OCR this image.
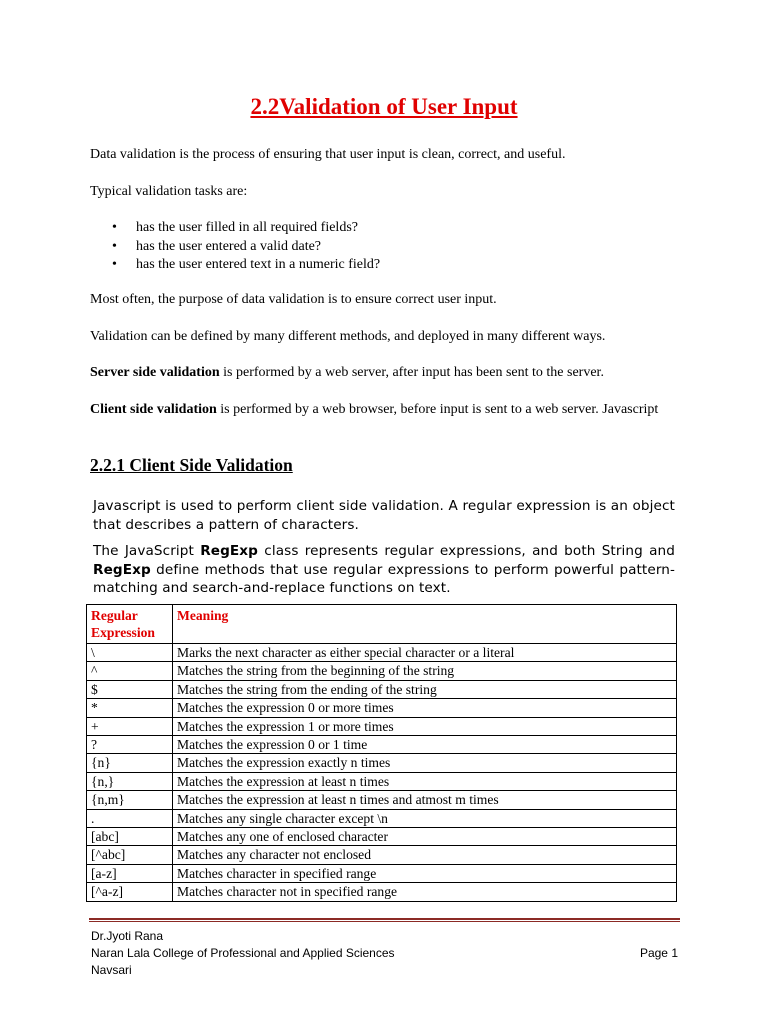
2.2Validation of User Input
Data validation is the process of ensuring that user input is clean, correct, and useful.
Typical validation tasks are:
• has the user filled in all required fields?
• has the user entered a valid date?
• has the user entered text in a numeric field?
Most often, the purpose of data validation is to ensure correct user input.
Validation can be defined by many different methods, and deployed in many different ways.
Server side validation is performed by a web server, after input has been sent to the server.
Client side validation is performed by a web browser, before input is sent to a web server. Javascript
2.2.1 Client Side Validation
Javascript is used to perform client side validation. A regular expression is an object that describes a pattern of characters.
The JavaScript RegExp class represents regular expressions, and both String and RegExp define methods that use regular expressions to perform powerful pattern-matching and search-and-replace functions on text.
Regular Expression	Meaning
\	Marks the next character as either special character or a literal
^	Matches the string from the beginning of the string
$	Matches the string from the ending of the string
*	Matches the expression 0 or more times
+	Matches the expression 1 or more times
?	Matches the expression 0 or 1 time
{n}	Matches the expression exactly n times
{n,}	Matches the expression at least n times
{n,m}	Matches the expression at least n times and atmost m times
.	Matches any single character except \n
[abc]	Matches any one of enclosed character
[^abc]	Matches any character not enclosed
[a-z]	Matches character in specified range
[^a-z]	Matches character not in specified range
Dr.Jyoti Rana
Naran Lala College of Professional and Applied Sciences
Navsari
Page 1
